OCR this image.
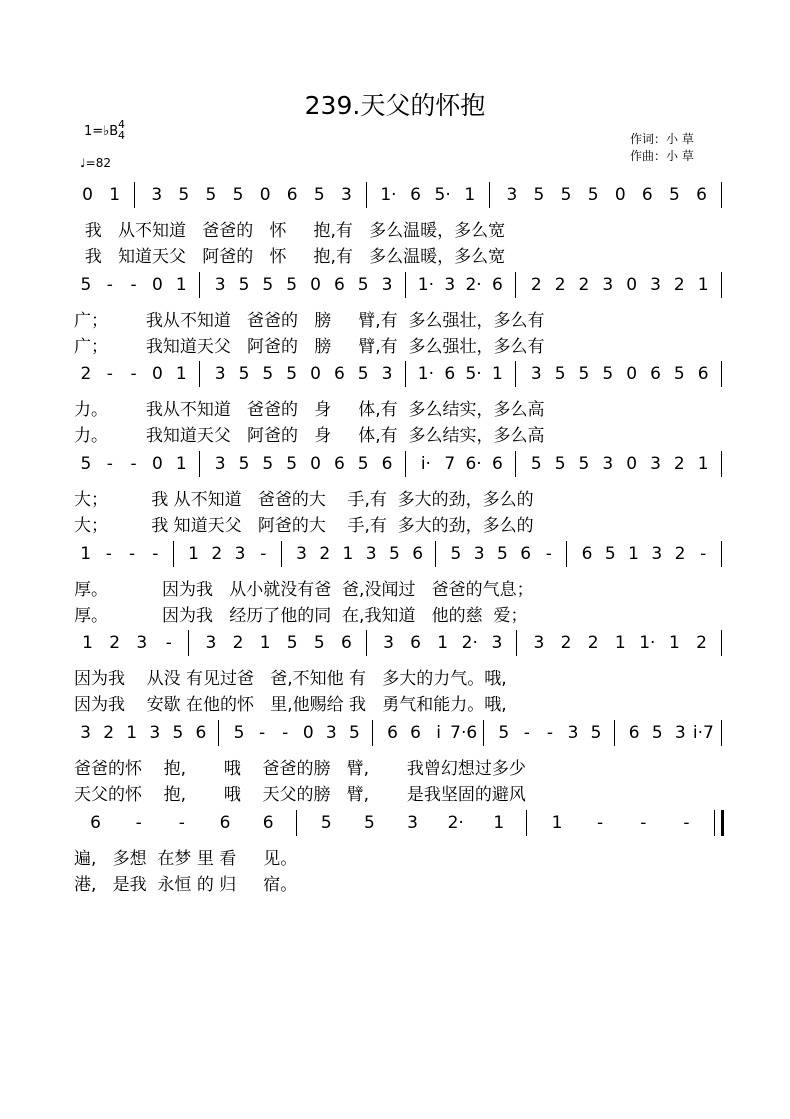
239.天父的怀抱
1=♭B 4
4
♩=82
作词：小 草
作曲：小 草
0 1	3 5 5 5 0 6 5 3	1· 6 5· 1	3 5 5 5 0 6 5 6
我   从不知道   爸爸的   怀     抱,有   多么温暖，多么宽
我   知道天父   阿爸的   怀     抱,有   多么温暖，多么宽
5 -	- 0 1	3 5 5 5 0 6 5 3	1· 3 2· 6	2 2 2 3 0 3 2 1
广；       我从不知道   爸爸的   膀     臂,有  多么强壮，多么有
广；       我知道天父   阿爸的   膀     臂,有  多么强壮，多么有
2 -	- 0 1	3 5 5 5 0 6 5 3	1· 6 5· 1	3 5 5 5 0 6 5 6
力。       我从不知道   爸爸的   身     体,有  多么结实，多么高
力。       我知道天父   阿爸的   身     体,有  多么结实，多么高
5 -	- 0 1	3 5 5 5 0 6 5 6	i· 7 6· 6	5 5 5 3 0 3 2 1
大；        我 从不知道   爸爸的大    手,有  多大的劲，多么的
大；        我 知道天父   阿爸的大    手,有  多大的劲，多么的
1 -	-	-	1 2 3 -	3 2 1 3 5 6	5 3 5 6 -	6 5 1 3 2 -
厚。          因为我   从小就没有爸  爸,没闻过   爸爸的气息；
厚。          因为我   经历了他的同  在,我知道   他的慈  爱；
1 2 3	-	3 2 1 5 5 6	3 6 1 2· 3	3 2 2 1 1· 1 2
因为我    从没 有见过爸   爸,不知他 有   多大的力气。哦,
因为我    安歇 在他的怀   里,他赐给 我   勇气和能力。哦,
3 2 1 3 5 6	5 - - 0 3 5	6 6 i 7·6	5 - - 3 5	6 5 3 i·7
爸爸的怀    抱,       哦    爸爸的膀   臂,       我曾幻想过多少
天父的怀    抱,       哦    天父的膀   臂,       是我坚固的避风
6	-	-	6	6	5	5	3	2·	1	1	-	-	-
遍,   多想  在梦 里 看     见。
港,   是我  永恒 的 归     宿。
